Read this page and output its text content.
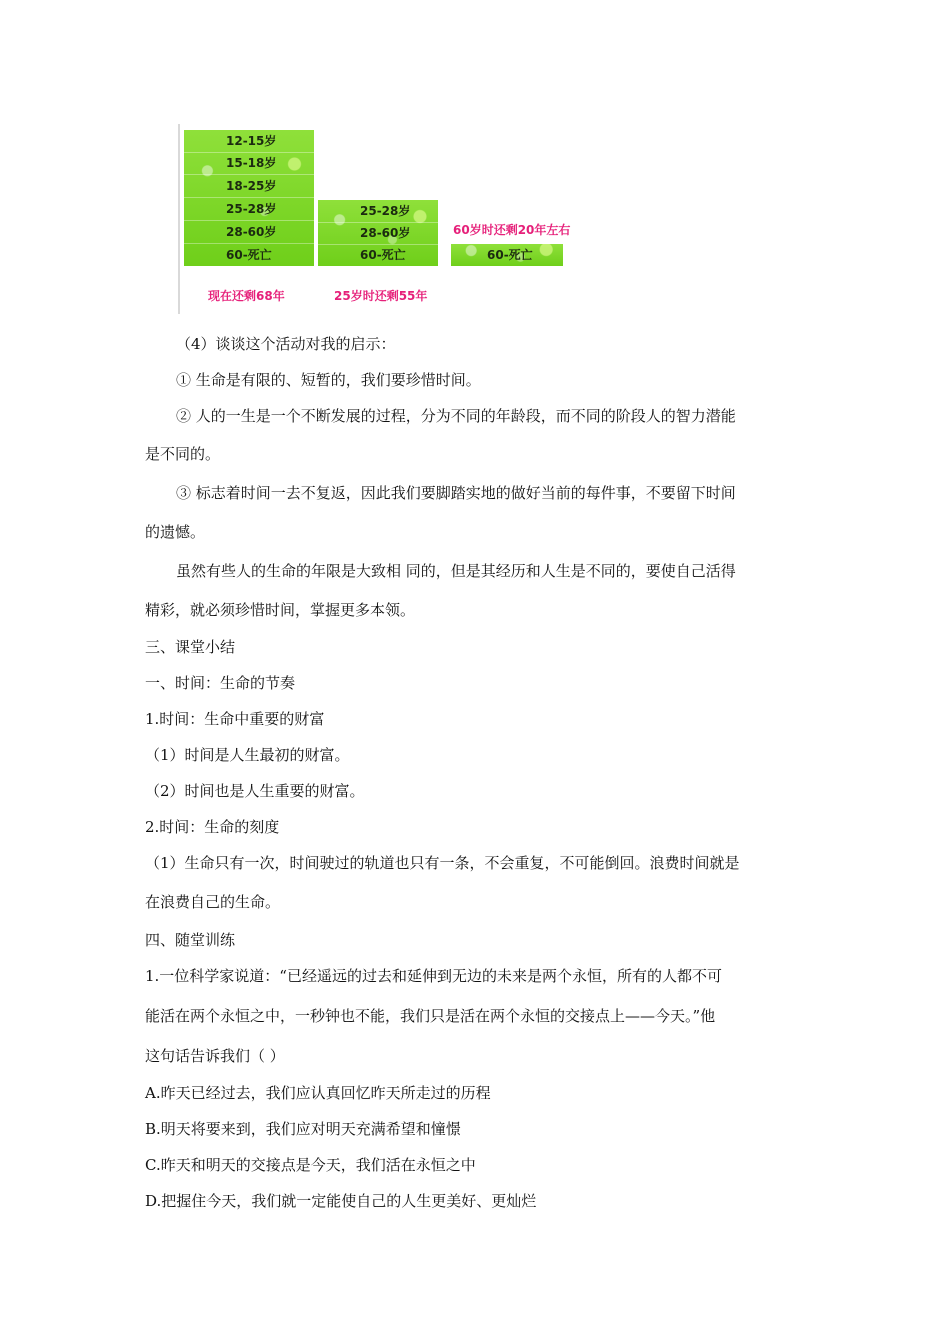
12-15岁
15-18岁
18-25岁
25-28岁
28-60岁
60-死亡
25-28岁
28-60岁
60-死亡	60-死亡
现在还剩68年	25岁时还剩55年
60岁时还剩20年左右
（4）谈谈这个活动对我的启示：
① 生命是有限的、短暂的，我们要珍惜时间。
② 人的一生是一个不断发展的过程，分为不同的年龄段，而不同的阶段人的智力潜能
是不同的。
③ 标志着时间一去不复返，因此我们要脚踏实地的做好当前的每件事，不要留下时间
的遗憾。
虽然有些人的生命的年限是大致相 同的，但是其经历和人生是不同的，要使自己活得
精彩，就必须珍惜时间，掌握更多本领。
三、课堂小结
一、时间：生命的节奏
1.时间：生命中重要的财富
（1）时间是人生最初的财富。
（2）时间也是人生重要的财富。
2.时间：生命的刻度
（1）生命只有一次，时间驶过的轨道也只有一条，不会重复，不可能倒回。浪费时间就是
在浪费自己的生命。
四、随堂训练
1.一位科学家说道：“已经遥远的过去和延伸到无边的未来是两个永恒，所有的人都不可
能活在两个永恒之中，一秒钟也不能，我们只是活在两个永恒的交接点上——今天。”他
这句话告诉我们（ ）
A.昨天已经过去，我们应认真回忆昨天所走过的历程
B.明天将要来到，我们应对明天充满希望和憧憬
C.昨天和明天的交接点是今天，我们活在永恒之中
D.把握住今天，我们就一定能使自己的人生更美好、更灿烂
